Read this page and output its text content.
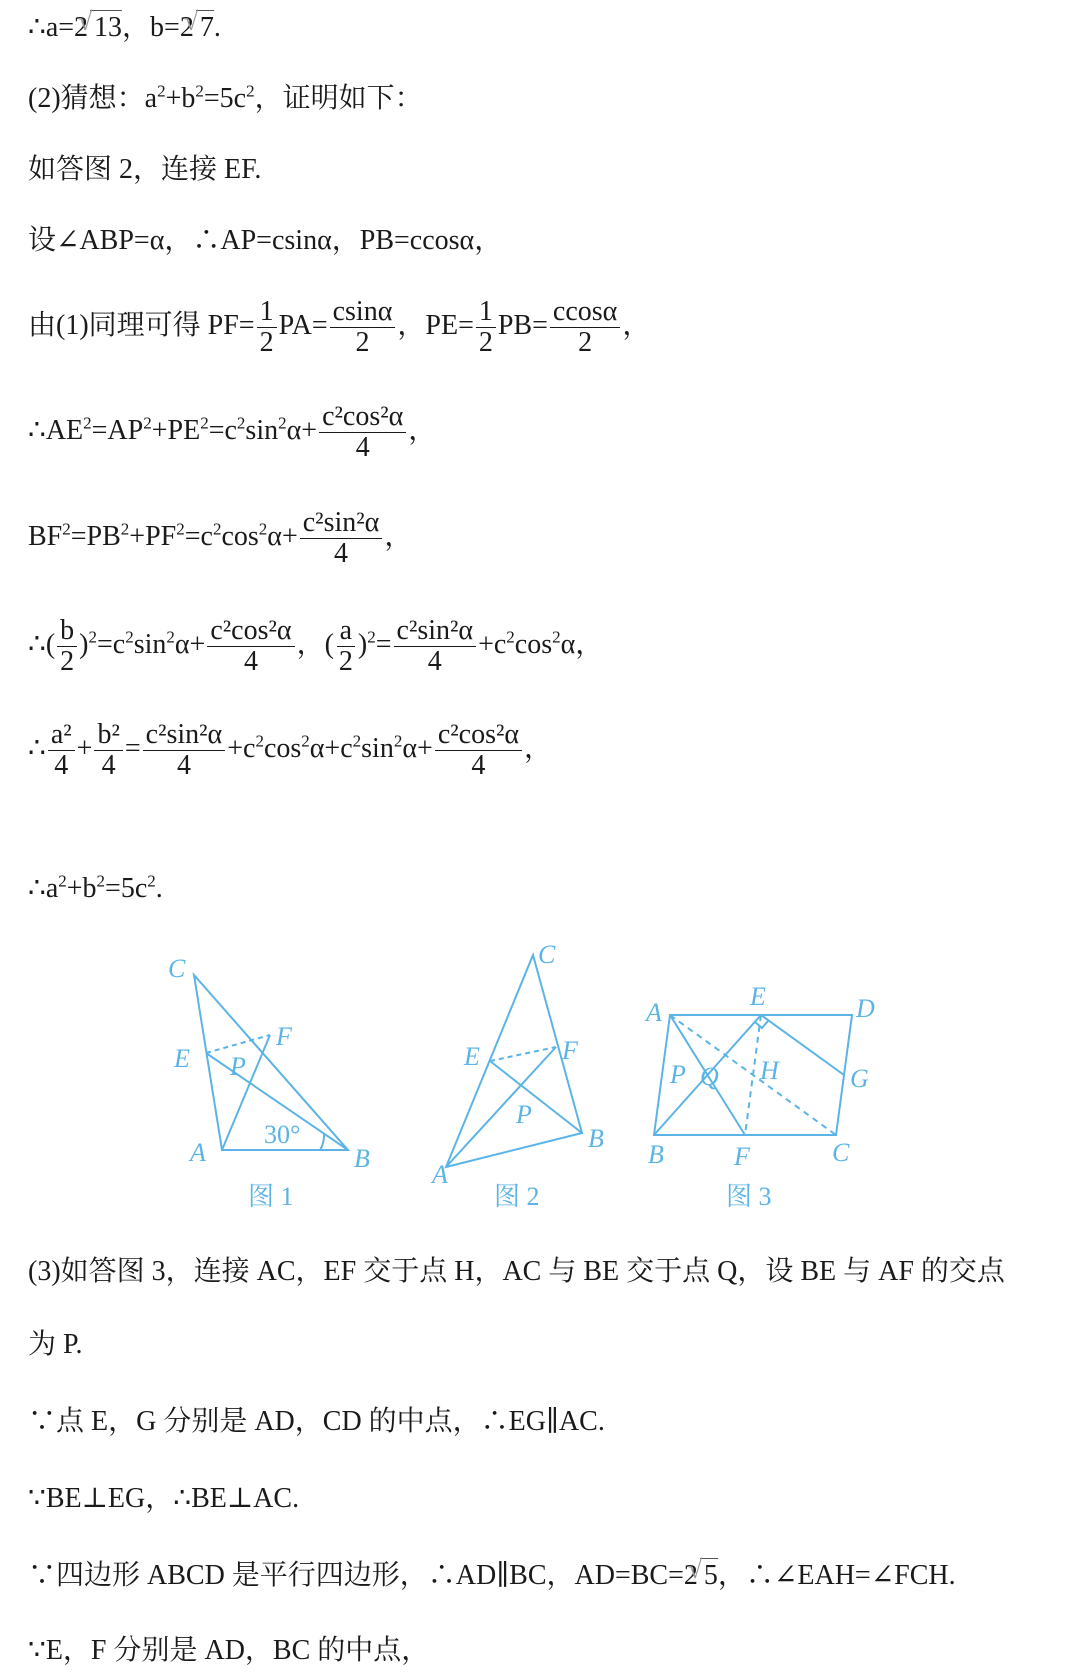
∴a=2 √ 13，b=2 √ 7.
(2)猜想：$a^2+b^2=5c^2$，证明如下：
如答图 2，连接 EF.
设∠ABP=α，∴AP=csinα，PB=ccosα，
由(1)同理可得 $PF= \frac{1}{2} PA= \frac{csin\alpha}{2}$ ，$PE= \frac{1}{2} PB= \frac{ccos\alpha}{2}$ ，
$\therefore AE^2=AP^2+PE^2=c^2\sin^2\alpha+ \frac{\text{c²cos²α}}{4}$ ，
$BF^2=PB^2+PF^2=c^2\cos^2\alpha+ \frac{\text{c²sin²α}}{4}$ ，
∴( $\frac{b}{2} )^2=c^2\sin^2\alpha+ \frac{\text{c²cos²α}}{4}$ ，( $\frac{a}{2} )^2= \frac{\text{c²sin²α}}{4} +c^2\cos^2\alpha$，
∴ $\frac{\text{a²}}{4} + \frac{\text{b²}}{4} = \frac{\text{c²sin²α}}{4} +c^2\cos^2\alpha+c^2\sin^2\alpha+ \frac{\text{c²cos²α}}{4}$ ，
$\therefore a^2+b^2=5c^2$.
C
F
E P
A	B
30°
图 1
C
E	F
P
A
B
图 2
A
E	D
P Q H	G
B	F	C
图 3
(3)如答图 3，连接 AC，EF 交于点 H，AC 与 BE 交于点 Q，设 BE 与 AF 的交点
为 P.
∵点 E，G 分别是 AD，CD 的中点，∴EG∥AC.
∵BE⊥EG，∴BE⊥AC.
∵四边形 ABCD 是平行四边形，∴AD∥BC，AD=BC=2 √ 5，∴∠EAH=∠FCH.
∵E，F 分别是 AD，BC 的中点，
